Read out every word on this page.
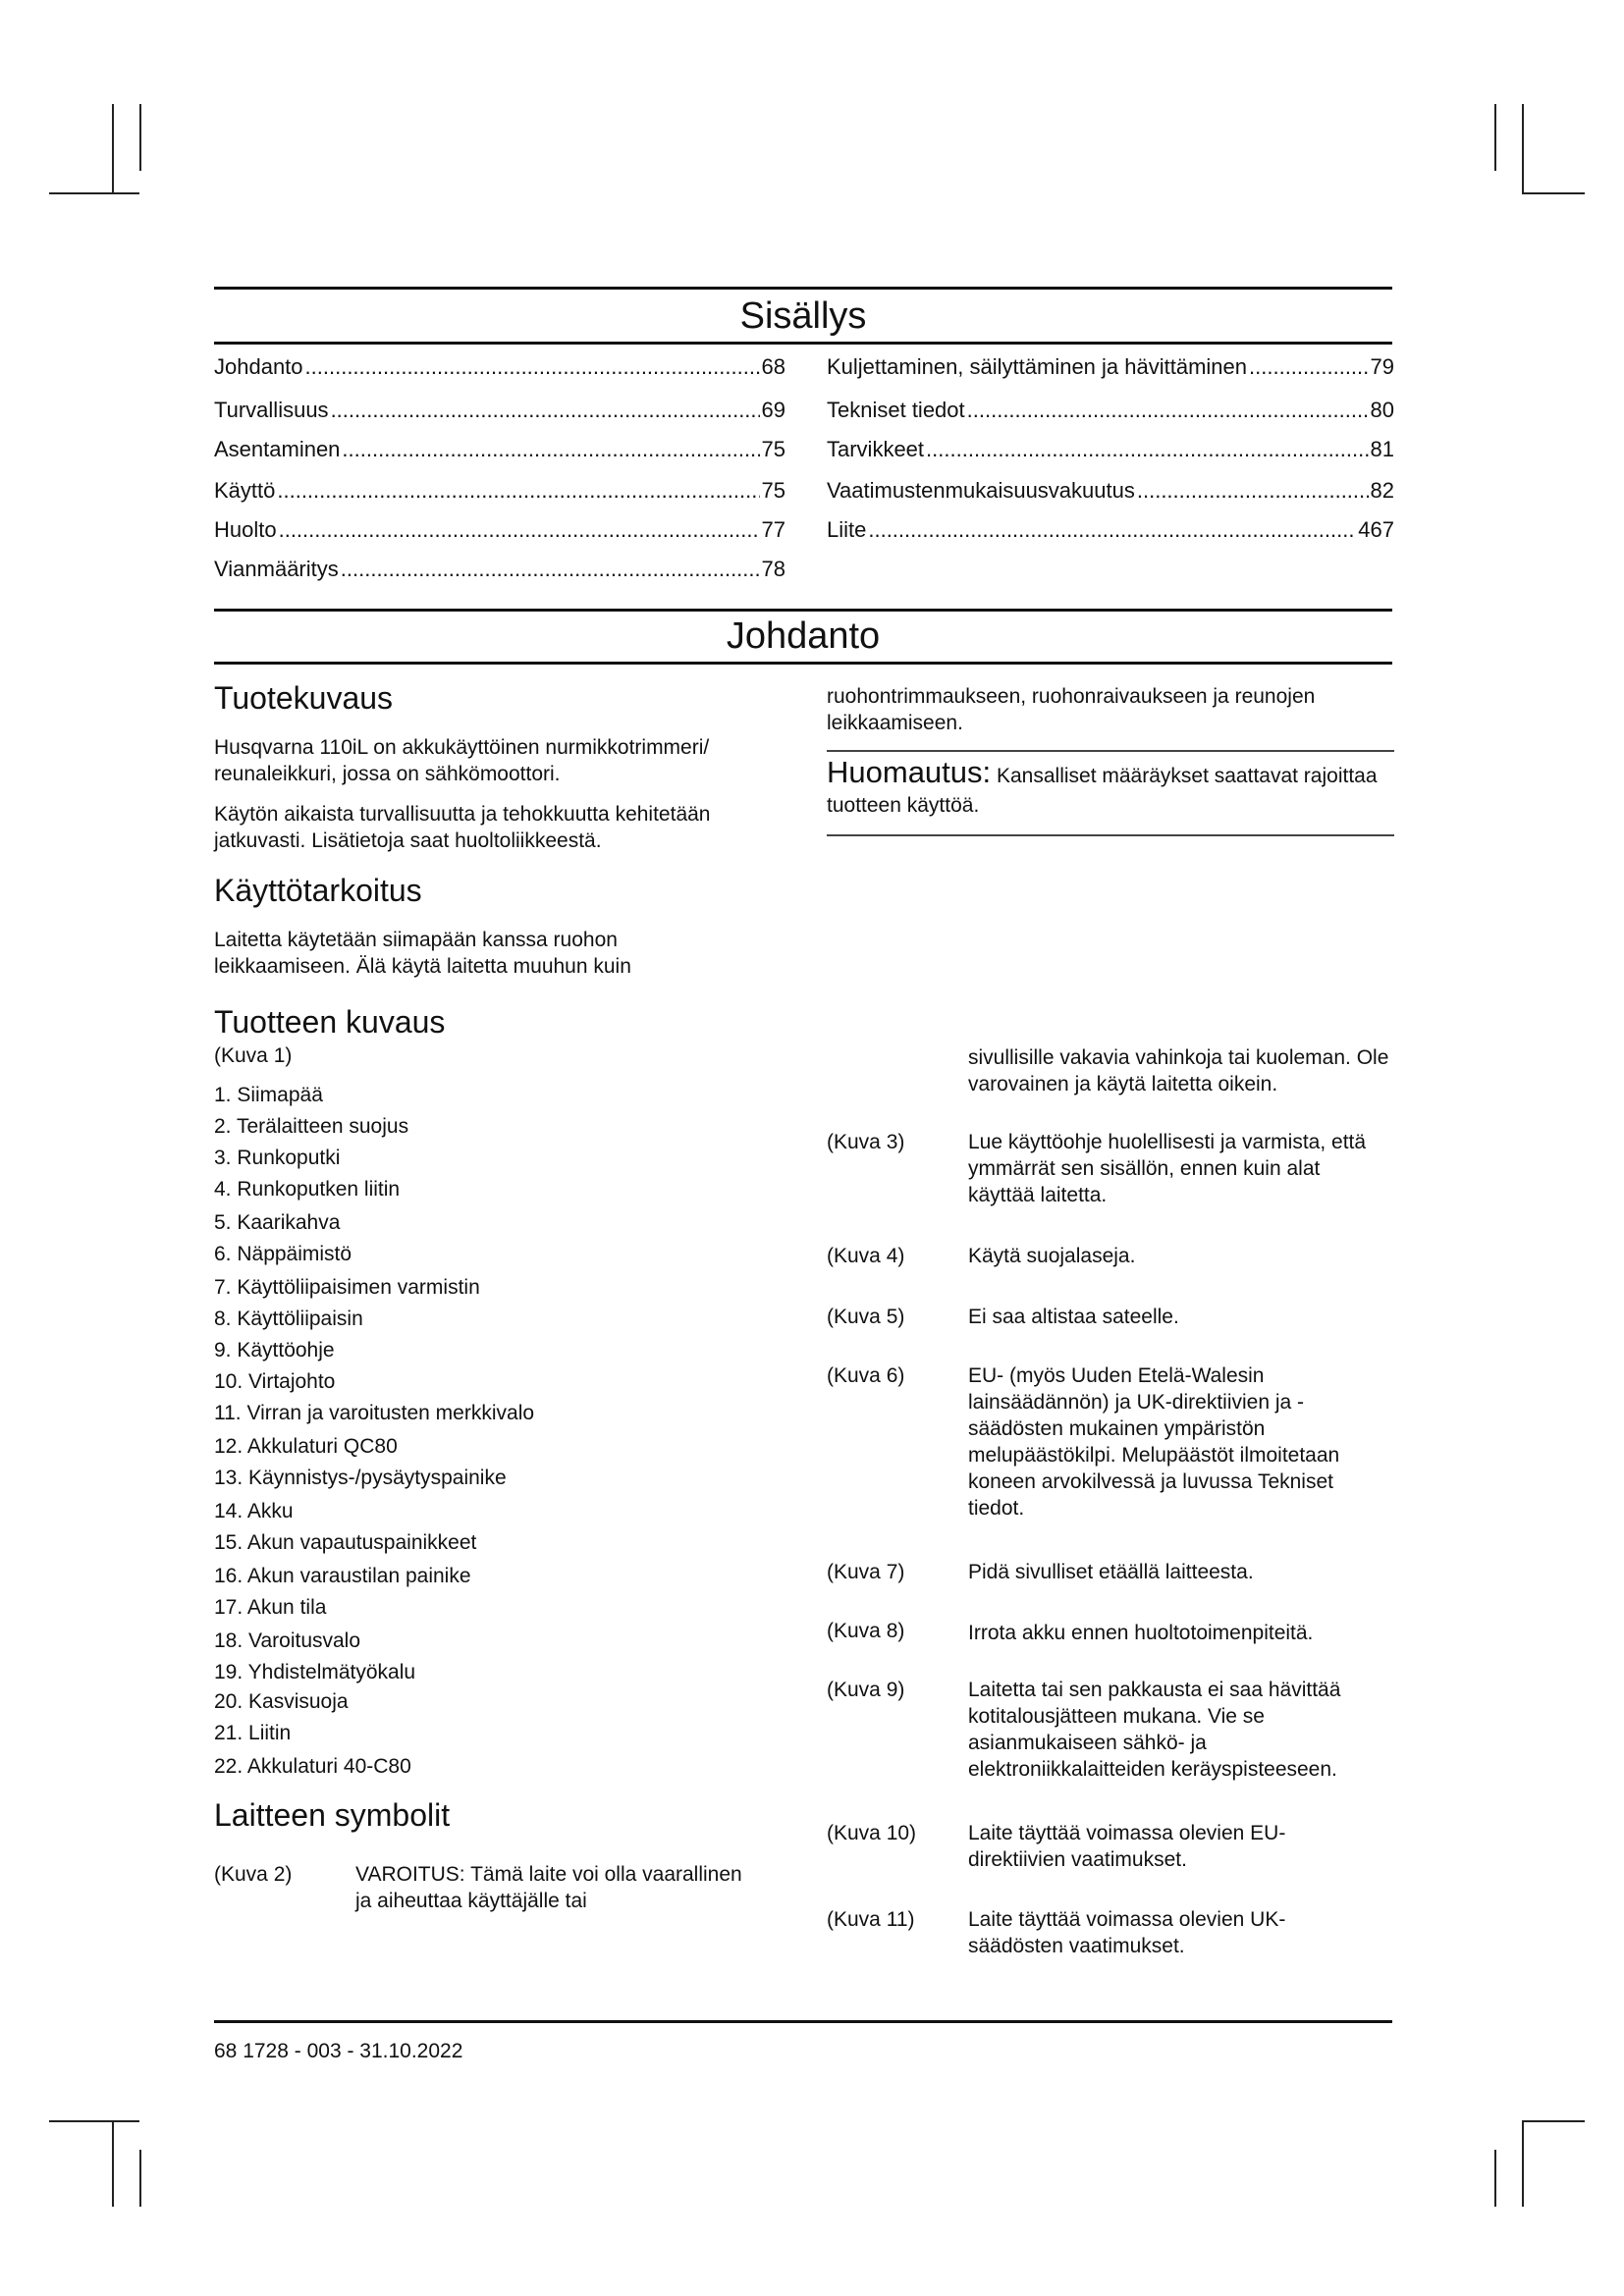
Sisällys
Johdanto .....	68
Turvallisuus .....	69
Asentaminen .....	75
Käyttö .....	75
Huolto .....	77
Vianmääritys .....	78
Kuljettaminen, säilyttäminen ja hävittäminen .....	79
Tekniset tiedot .....	80
Tarvikkeet .....	81
Vaatimustenmukaisuusvakuutus .....	82
Liite .....	467
Johdanto
Tuotekuvaus
Husqvarna 110iL on akkukäyttöinen nurmikkotrimmeri/ reunaleikkuri, jossa on sähkömoottori.
Käytön aikaista turvallisuutta ja tehokkuutta kehitetään jatkuvasti. Lisätietoja saat huoltoliikkeestä.
Käyttötarkoitus
Laitetta käytetään siimapään kanssa ruohon leikkaamiseen. Älä käytä laitetta muuhun kuin
ruohontrimmaukseen, ruohonraivaukseen ja reunojen leikkaamiseen.
Huomautus: Kansalliset määräykset saattavat rajoittaa tuotteen käyttöä.
Tuotteen kuvaus
(Kuva 1)
1. Siimapää
2. Terälaitteen suojus
3. Runkoputki
4. Runkoputken liitin
5. Kaarikahva
6. Näppäimistö
7. Käyttöliipaisimen varmistin
8. Käyttöliipaisin
9. Käyttöohje
10. Virtajohto
11. Virran ja varoitusten merkkivalo
12. Akkulaturi QC80
13. Käynnistys-/pysäytyspainike
14. Akku
15. Akun vapautuspainikkeet
16. Akun varaustilan painike
17. Akun tila
18. Varoitusvalo
19. Yhdistelmätyökalu
20. Kasvisuoja
21. Liitin
22. Akkulaturi 40-C80
Laitteen symbolit
(Kuva 2)	VAROITUS: Tämä laite voi olla vaarallinen ja aiheuttaa käyttäjälle tai
sivullisille vakavia vahinkoja tai kuoleman. Ole varovainen ja käytä laitetta oikein.
(Kuva 3)	Lue käyttöohje huolellisesti ja varmista, että ymmärrät sen sisällön, ennen kuin alat käyttää laitetta.
(Kuva 4)	Käytä suojalaseja.
(Kuva 5)	Ei saa altistaa sateelle.
(Kuva 6)	EU- (myös Uuden Etelä-Walesin lainsäädännön) ja UK-direktiivien ja -säädösten mukainen ympäristön melupäästökilpi. Melupäästöt ilmoitetaan koneen arvokilvessä ja luvussa Tekniset tiedot.
(Kuva 7)	Pidä sivulliset etäällä laitteesta.
(Kuva 8)	Irrota akku ennen huoltotoimenpiteitä.
(Kuva 9)	Laitetta tai sen pakkausta ei saa hävittää kotitalousjätteen mukana. Vie se asianmukaiseen sähkö- ja elektroniikkalaitteiden keräyspisteeseen.
(Kuva 10)	Laite täyttää voimassa olevien EU-direktiivien vaatimukset.
(Kuva 11)	Laite täyttää voimassa olevien UK-säädösten vaatimukset.
68 1728 - 003 - 31.10.2022
